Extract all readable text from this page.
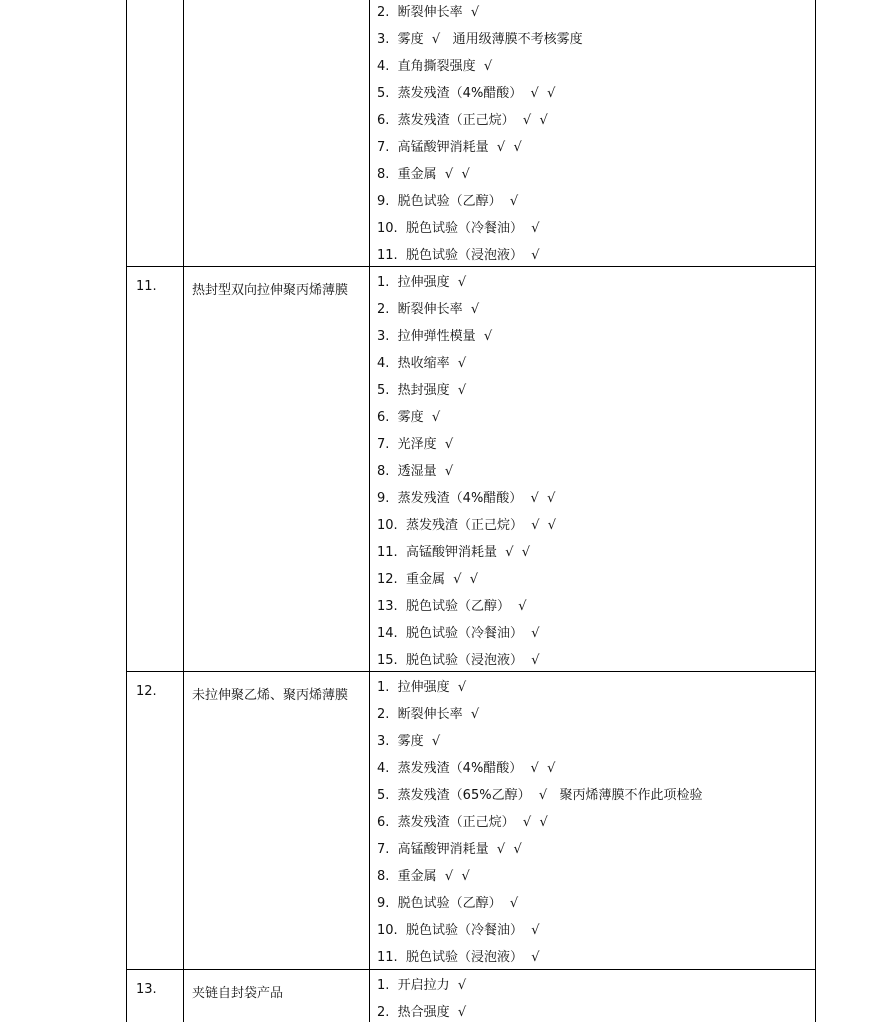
2.  断裂伸长率  √
3.  雾度  √   通用级薄膜不考核雾度
4.  直角撕裂强度  √
5.  蒸发残渣（4%醋酸）  √  √
6.  蒸发残渣（正己烷）  √  √
7.  高锰酸钾消耗量  √  √
8.  重金属  √  √
9.  脱色试验（乙醇）  √
10.  脱色试验（冷餐油）  √
11.  脱色试验（浸泡液）  √
11.	热封型双向拉伸聚丙烯薄膜
1.  拉伸强度  √
2.  断裂伸长率  √
3.  拉伸弹性模量  √
4.  热收缩率  √
5.  热封强度  √
6.  雾度  √
7.  光泽度  √
8.  透湿量  √
9.  蒸发残渣（4%醋酸）  √  √
10.  蒸发残渣（正己烷）  √  √
11.  高锰酸钾消耗量  √  √
12.  重金属  √  √
13.  脱色试验（乙醇）  √
14.  脱色试验（冷餐油）  √
15.  脱色试验（浸泡液）  √
12.	未拉伸聚乙烯、聚丙烯薄膜
1.  拉伸强度  √
2.  断裂伸长率  √
3.  雾度  √
4.  蒸发残渣（4%醋酸）  √  √
5.  蒸发残渣（65%乙醇）  √   聚丙烯薄膜不作此项检验
6.  蒸发残渣（正己烷）  √  √
7.  高锰酸钾消耗量  √  √
8.  重金属  √  √
9.  脱色试验（乙醇）  √
10.  脱色试验（冷餐油）  √
11.  脱色试验（浸泡液）  √
13.	夹链自封袋产品
1.  开启拉力  √
2.  热合强度  √
